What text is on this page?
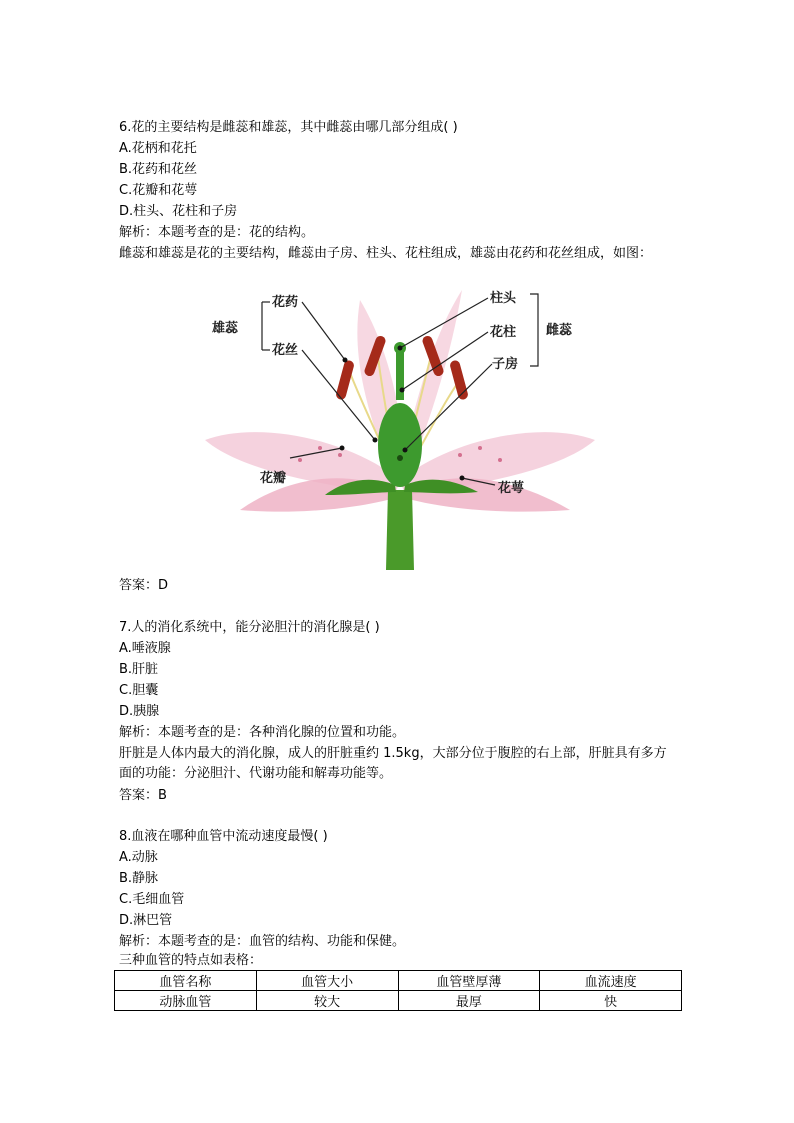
6.花的主要结构是雌蕊和雄蕊，其中雌蕊由哪几部分组成( )
A.花柄和花托
B.花药和花丝
C.花瓣和花萼
D.柱头、花柱和子房
解析：本题考查的是：花的结构。
雌蕊和雄蕊是花的主要结构，雌蕊由子房、柱头、花柱组成，雄蕊由花药和花丝组成，如图：
雄蕊
花药
花丝
柱头
花柱
子房
雌蕊
花瓣
花萼
答案：D
7.人的消化系统中，能分泌胆汁的消化腺是( )
A.唾液腺
B.肝脏
C.胆囊
D.胰腺
解析：本题考查的是：各种消化腺的位置和功能。
肝脏是人体内最大的消化腺，成人的肝脏重约 1.5kg，大部分位于腹腔的右上部，肝脏具有多方面的功能：分泌胆汁、代谢功能和解毒功能等。
答案：B
8.血液在哪种血管中流动速度最慢( )
A.动脉
B.静脉
C.毛细血管
D.淋巴管
解析：本题考查的是：血管的结构、功能和保健。
三种血管的特点如表格：
血管名称	血管大小	血管壁厚薄	血流速度
动脉血管	较大	最厚	快
